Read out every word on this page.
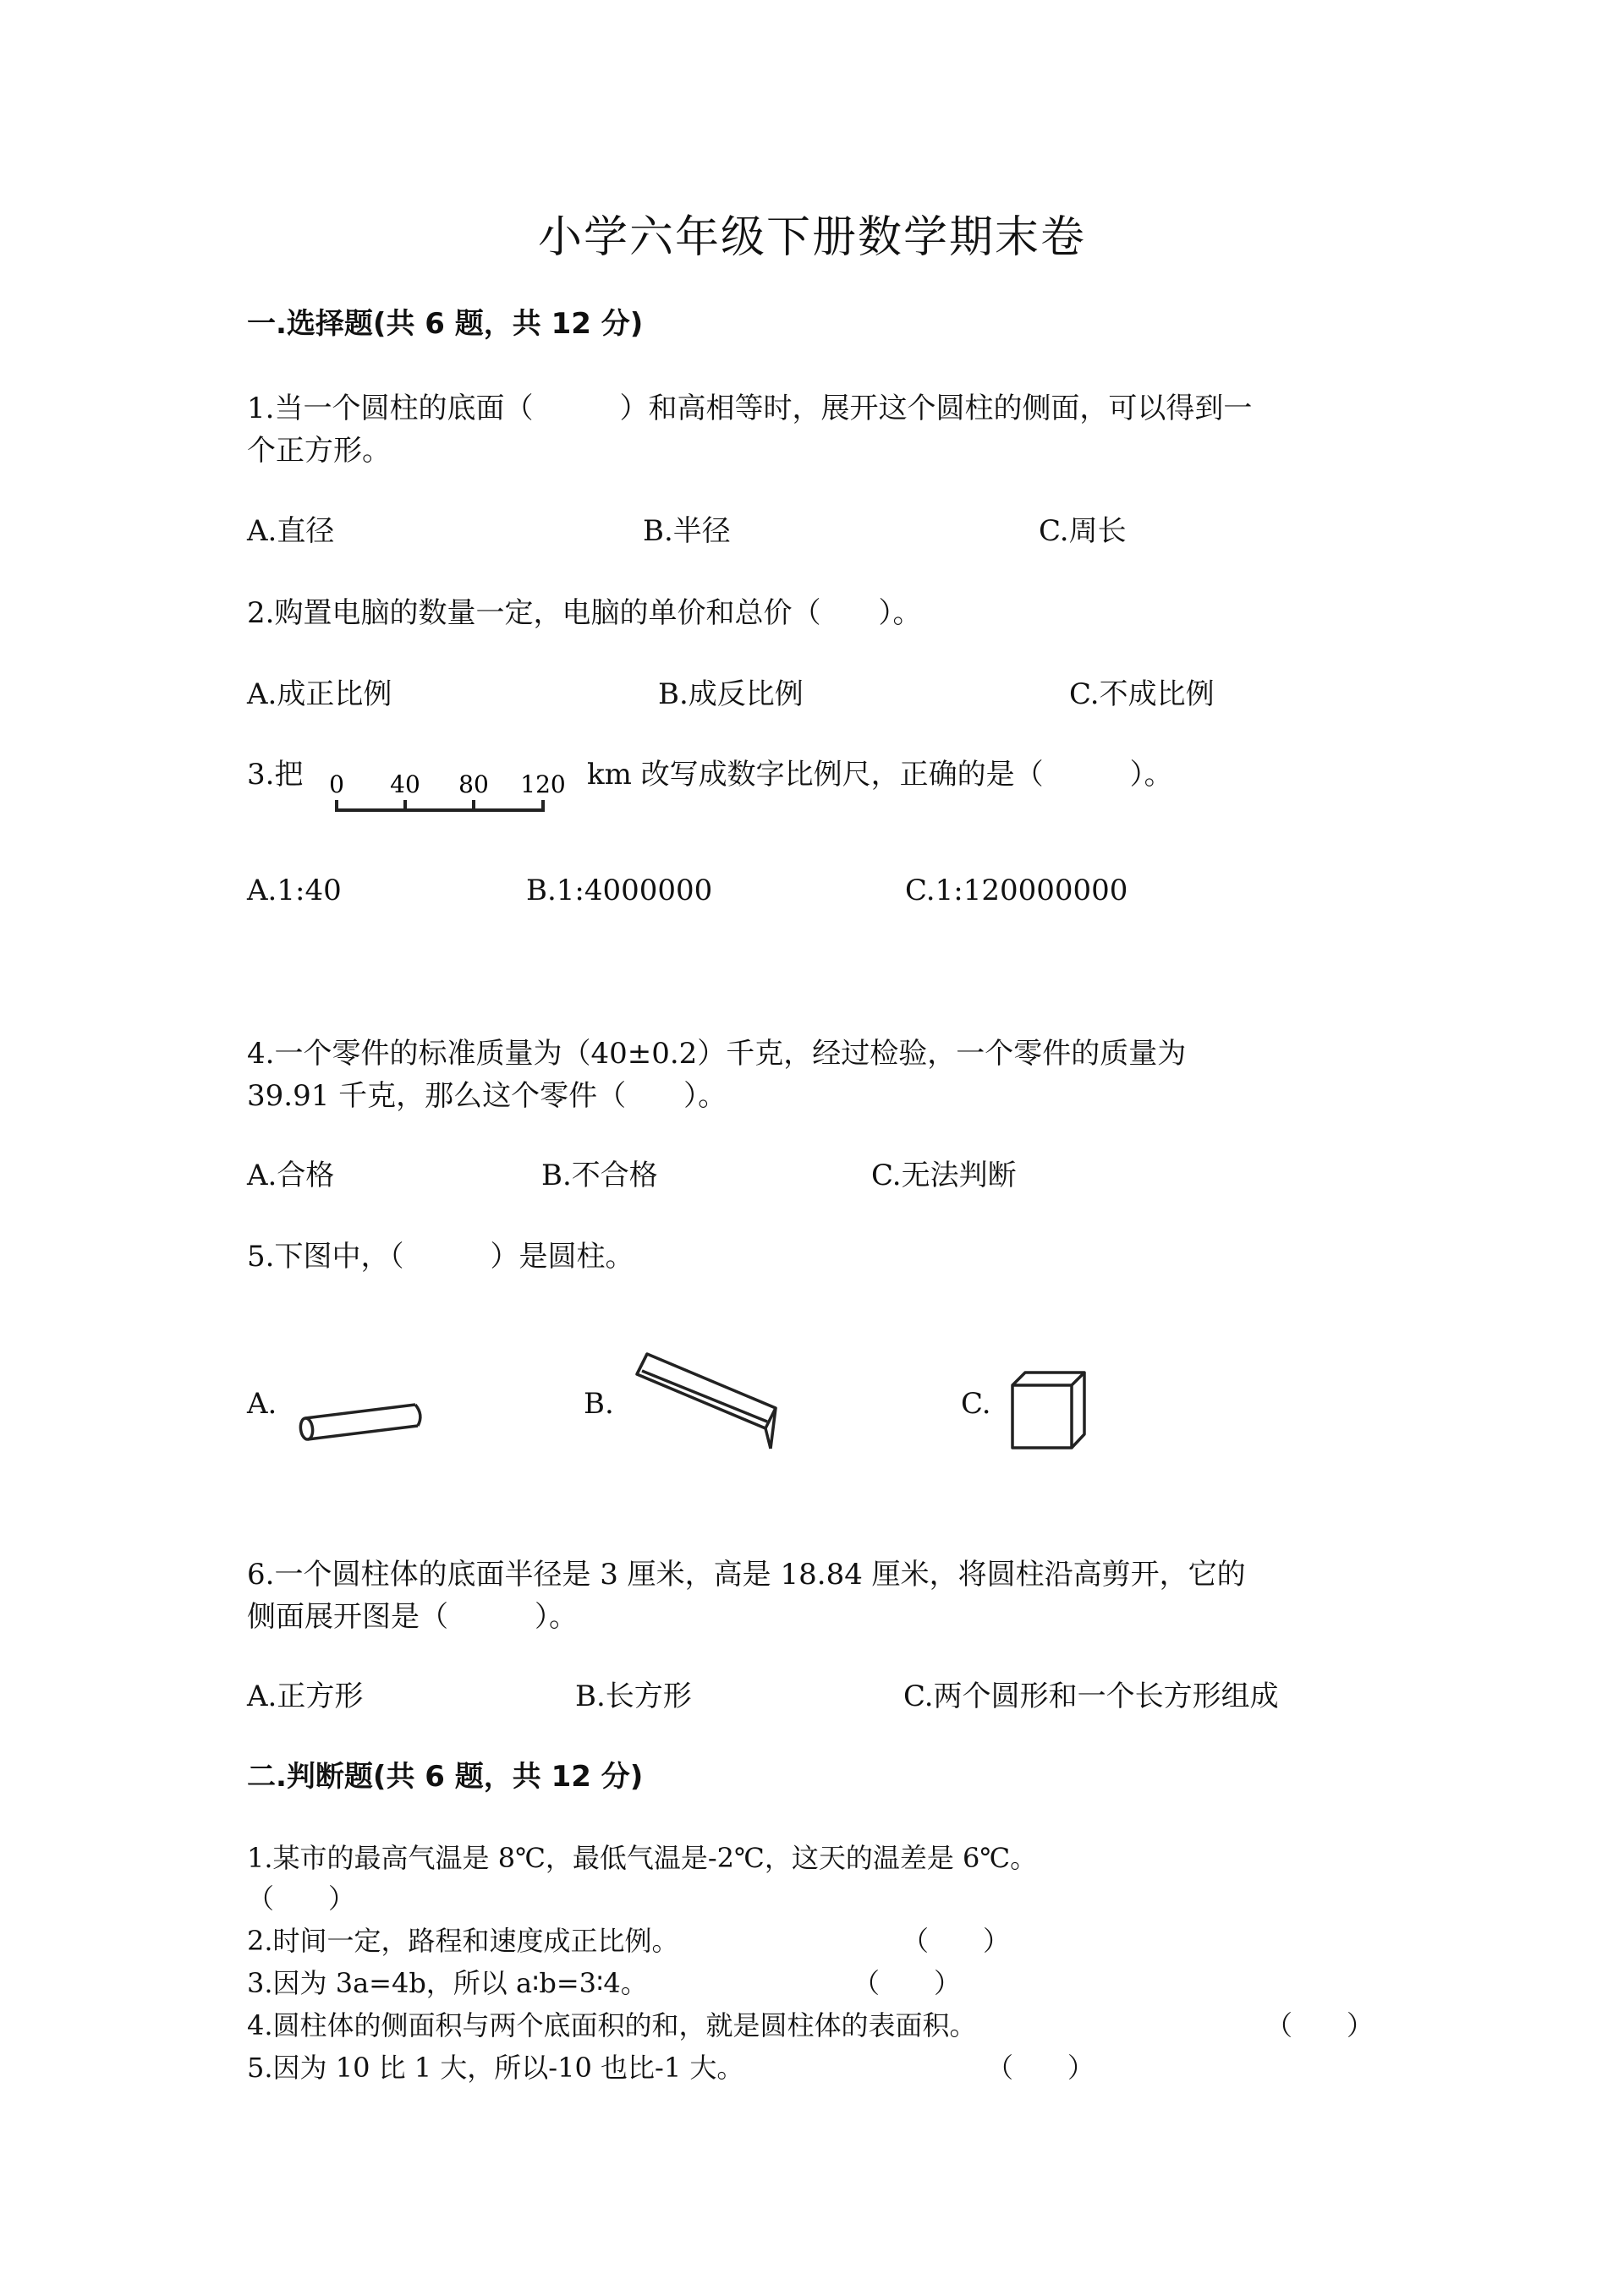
小学六年级下册数学期末卷
一.选择题(共 6 题，共 12 分)
1.当一个圆柱的底面（　　　）和高相等时，展开这个圆柱的侧面，可以得到一
个正方形。
A.直径	B.半径	C.周长
2.购置电脑的数量一定，电脑的单价和总价（　　）。
A.成正比例	B.成反比例	C.不成比例
3.把 0 40 80 120 km 改写成数字比例尺，正确的是（　　　）。
A.1:40	B.1:4000000	C.1:120000000
4.一个零件的标准质量为（40±0.2）千克，经过检验，一个零件的质量为
39.91 千克，那么这个零件（　　）。
A.合格	B.不合格	C.无法判断
5.下图中，（　　　）是圆柱。
A.	B.	C.
6.一个圆柱体的底面半径是 3 厘米，高是 18.84 厘米，将圆柱沿高剪开，它的
侧面展开图是（　　　）。
A.正方形	B.长方形	C.两个圆形和一个长方形组成
二.判断题(共 6 题，共 12 分)
1.某市的最高气温是 8℃，最低气温是-2℃，这天的温差是 6℃。
（　　）
2.时间一定，路程和速度成正比例。	（　　）
3.因为 3a=4b，所以 a∶b=3∶4。	（　　）
4.圆柱体的侧面积与两个底面积的和，就是圆柱体的表面积。	（　　）
5.因为 10 比 1 大，所以-10 也比-1 大。	（　　）
